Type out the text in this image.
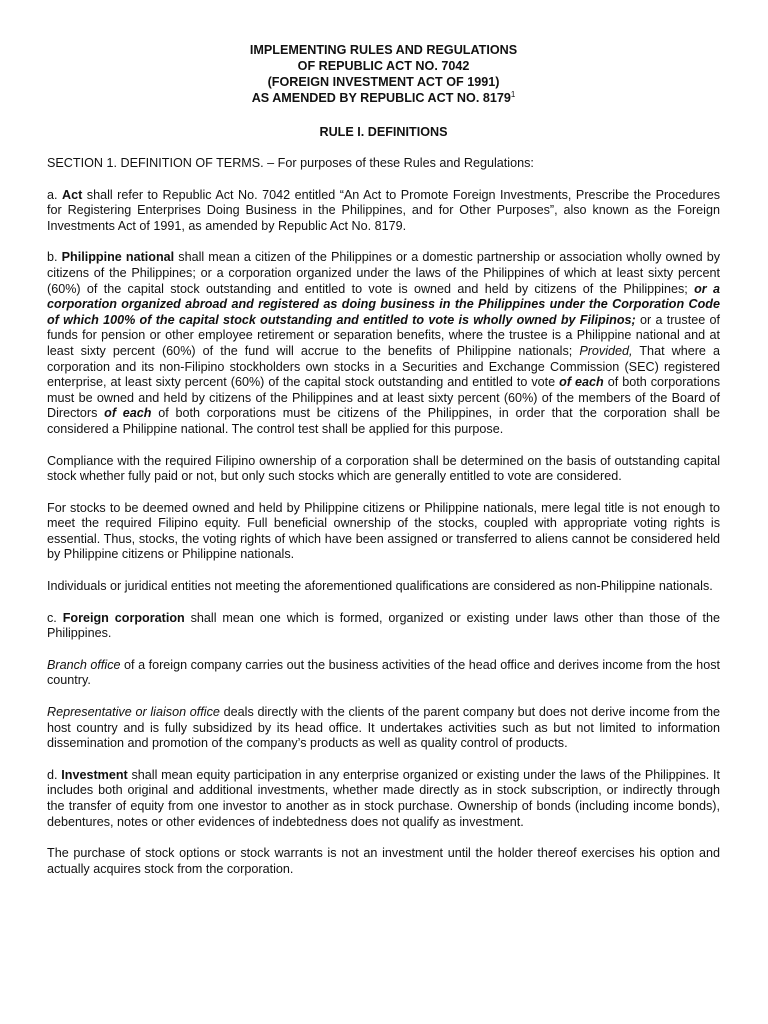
IMPLEMENTING RULES AND REGULATIONS
OF REPUBLIC ACT NO. 7042
(FOREIGN INVESTMENT ACT OF 1991)
AS AMENDED BY REPUBLIC ACT NO. 8179$^1$
RULE I. DEFINITIONS

SECTION 1. DEFINITION OF TERMS. – For purposes of these Rules and Regulations:

a. Act shall refer to Republic Act No. 7042 entitled “An Act to Promote Foreign Investments, Prescribe the Procedures for Registering Enterprises Doing Business in the Philippines, and for Other Purposes”, also known as the Foreign Investments Act of 1991, as amended by Republic Act No. 8179.

b. Philippine national shall mean a citizen of the Philippines or a domestic partnership or association wholly owned by citizens of the Philippines; or a corporation organized under the laws of the Philippines of which at least sixty percent (60%) of the capital stock outstanding and entitled to vote is owned and held by citizens of the Philippines; or a corporation organized abroad and registered as doing business in the Philippines under the Corporation Code of which 100% of the capital stock outstanding and entitled to vote is wholly owned by Filipinos; or a trustee of funds for pension or other employee retirement or separation benefits, where the trustee is a Philippine national and at least sixty percent (60%) of the fund will accrue to the benefits of Philippine nationals; Provided, That where a corporation and its non-Filipino stockholders own stocks in a Securities and Exchange Commission (SEC) registered enterprise, at least sixty percent (60%) of the capital stock outstanding and entitled to vote of each of both corporations must be owned and held by citizens of the Philippines and at least sixty percent (60%) of the members of the Board of Directors of each of both corporations must be citizens of the Philippines, in order that the corporation shall be considered a Philippine national. The control test shall be applied for this purpose.

Compliance with the required Filipino ownership of a corporation shall be determined on the basis of outstanding capital stock whether fully paid or not, but only such stocks which are generally entitled to vote are considered.

For stocks to be deemed owned and held by Philippine citizens or Philippine nationals, mere legal title is not enough to meet the required Filipino equity. Full beneficial ownership of the stocks, coupled with appropriate voting rights is essential. Thus, stocks, the voting rights of which have been assigned or transferred to aliens cannot be considered held by Philippine citizens or Philippine nationals.

Individuals or juridical entities not meeting the aforementioned qualifications are considered as non-Philippine nationals.

c. Foreign corporation shall mean one which is formed, organized or existing under laws other than those of the Philippines.

Branch office of a foreign company carries out the business activities of the head office and derives income from the host country.

Representative or liaison office deals directly with the clients of the parent company but does not derive income from the host country and is fully subsidized by its head office. It undertakes activities such as but not limited to information dissemination and promotion of the company’s products as well as quality control of products.

d. Investment shall mean equity participation in any enterprise organized or existing under the laws of the Philippines. It includes both original and additional investments, whether made directly as in stock subscription, or indirectly through the transfer of equity from one investor to another as in stock purchase. Ownership of bonds (including income bonds), debentures, notes or other evidences of indebtedness does not qualify as investment.

The purchase of stock options or stock warrants is not an investment until the holder thereof exercises his option and actually acquires stock from the corporation.
